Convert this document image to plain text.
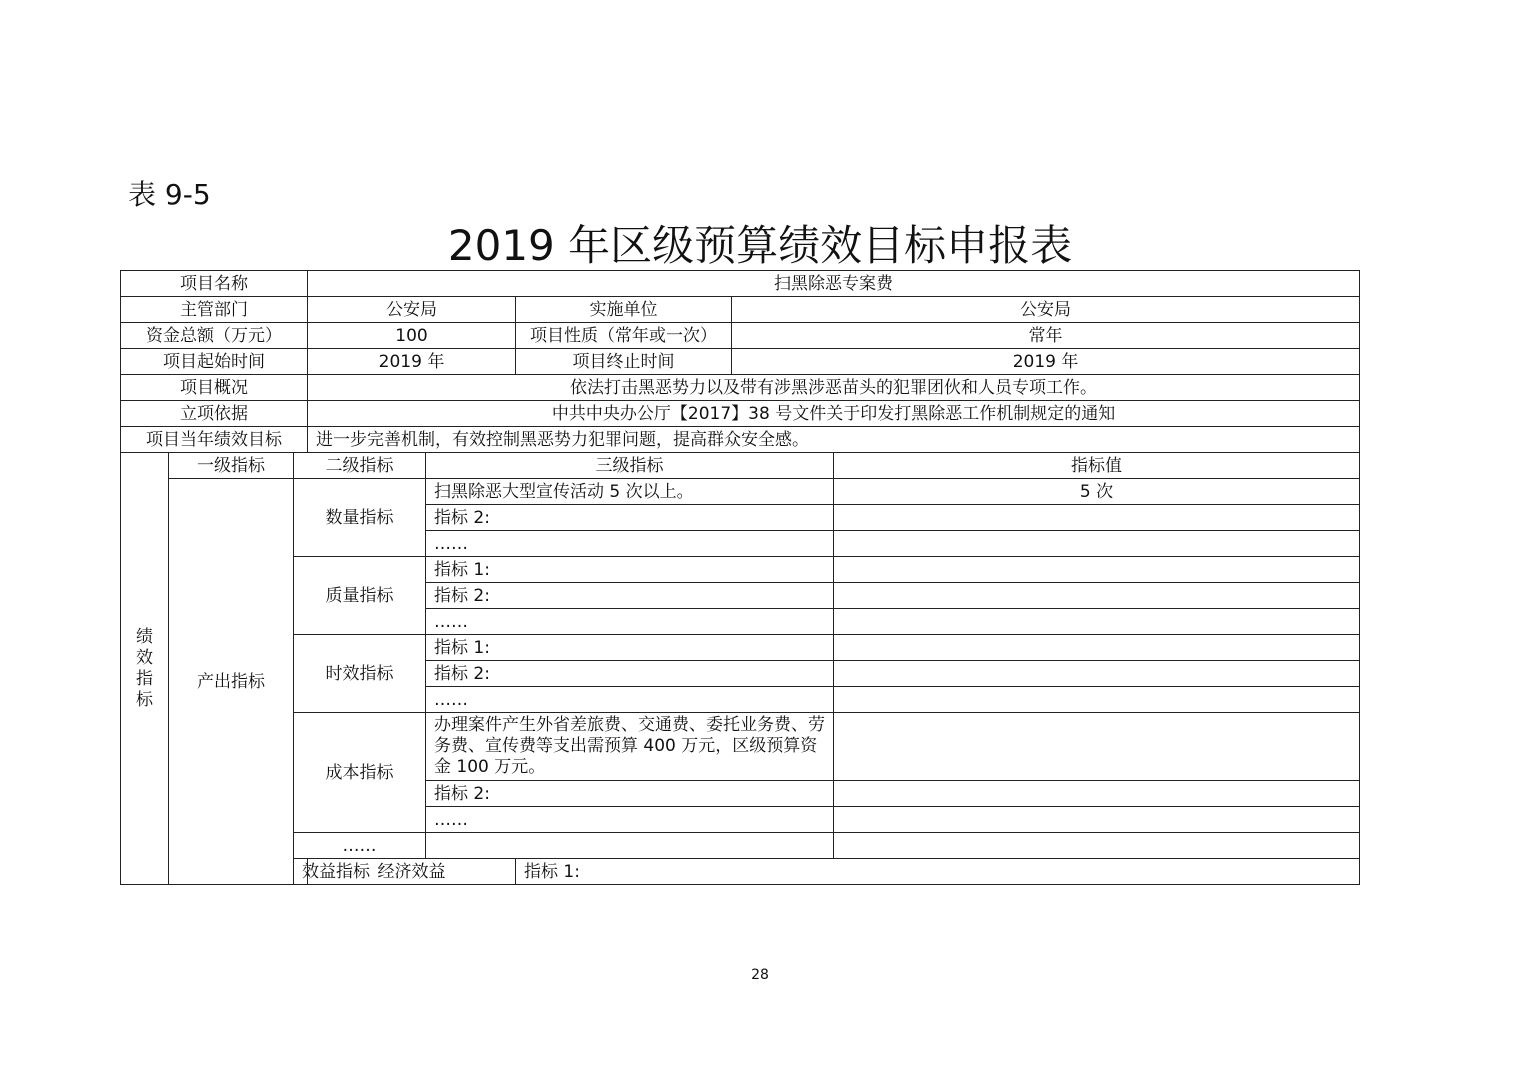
表 9-5
2019 年区级预算绩效目标申报表
项目名称			扫黑除恶专案费					
主管部门			公安局		实施单位	公安局		
资金总额（万元）			100		项目性质（常年或一次）	常年		
项目起始时间			2019 年		项目终止时间	2019 年		
项目概况			依法打击黑恶势力以及带有涉黑涉恶苗头的犯罪团伙和人员专项工作。					
立项依据			中共中央办公厅【2017】38 号文件关于印发打黑除恶工作机制规定的通知					
项目当年绩效目标			进一步完善机制，有效控制黑恶势力犯罪问题，提高群众安全感。					
绩效指标	一级指标	二级指标		三级指标			指标值	
	产出指标	数量指标		扫黑除恶大型宣传活动 5 次以上。			5 次	
				指标 2:				
				……				
		质量指标		指标 1:				
				指标 2:				
				……				
		时效指标		指标 1:				
				指标 2:				
				……				
		成本指标		办理案件产生外省差旅费、交通费、委托业务费、劳务费、宣传费等支出需预算 400 万元，区级预算资金 100 万元。				
				指标 2:				
				……				
		……						
		效益指标	经济效益		指标 1:			
28
